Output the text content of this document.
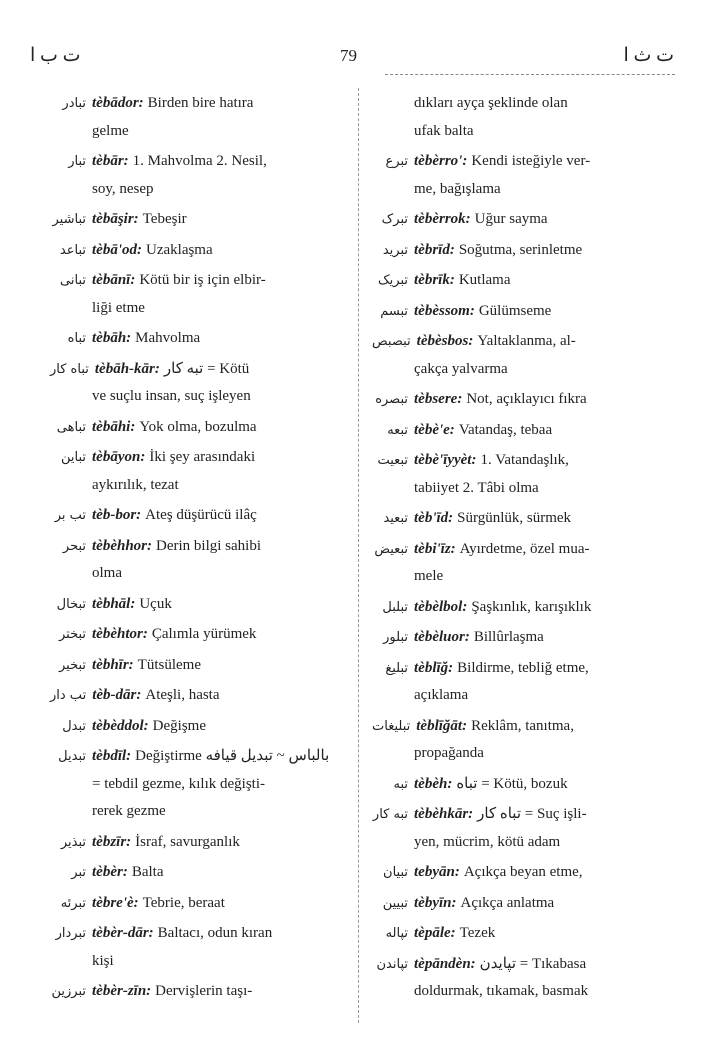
ت ب ا	79	ت ث ا
تبادر tèbādor: Birden bire hatıra
gelme
تبار tèbār: 1. Mahvolma 2. Nesil,
soy, nesep
تباشیر tèbāşir: Tebeşir
تباعد tèbā'od: Uzaklaşma
تبانی tèbānī: Kötü bir iş için elbir-
liği etme
تباه tèbāh: Mahvolma
تباه کار tèbāh-kār: تبه کار = Kötü
ve suçlu insan, suç işleyen
تباهی tèbāhi: Yok olma, bozulma
تباین tèbāyon: İki şey arasındaki
aykırılık, tezat
تب بر tèb-bor: Ateş düşürücü ilâç
تبحر tèbèhhor: Derin bilgi sahibi
olma
تبخال tèbhāl: Uçuk
تبختر tèbèhtor: Çalımla yürümek
تبخیر tèbhīr: Tütsüleme
تب دار tèb-dār: Ateşli, hasta
تبدل tèbèddol: Değişme
تبدیل tèbdīl: Değiştirme بالباس ~ تبدیل قیافه
= tebdil gezme, kılık değişti-
rerek gezme
تبذیر tèbzīr: İsraf, savurganlık
تبر tèbèr: Balta
تبرئه tèbre'è: Tebrie, beraat
تبردار tèbèr-dār: Baltacı, odun kıran
kişi
تبرزین tèbèr-zīn: Dervişlerin taşı-
dıkları ayça şeklinde olan
ufak balta
تبرع tèbèrro': Kendi isteğiyle ver-
me, bağışlama
تبرک tèbèrrok: Uğur sayma
تبرید tèbrīd: Soğutma, serinletme
تبریک tèbrīk: Kutlama
تبسم tèbèssom: Gülümseme
تبصبص tèbèsbos: Yaltaklanma, al-
çakça yalvarma
تبصره tèbsere: Not, açıklayıcı fıkra
تبعه tèbè'e: Vatandaş, tebaa
تبعیت tèbè'īyyèt: 1. Vatandaşlık,
tabiiyet 2. Tâbi olma
تبعید tèb'īd: Sürgünlük, sürmek
تبعیض tèbi'īz: Ayırdetme, özel mua-
mele
تبلبل tèbèlbol: Şaşkınlık, karışıklık
تبلور tèbèluor: Billûrlaşma
تبلیغ tèblīğ: Bildirme, tebliğ etme,
açıklama
تبلیغات tèblīğāt: Reklâm, tanıtma,
propağanda
تبه tèbèh: تباه = Kötü, bozuk
تبه کار tèbèhkār: تباه کار = Suç işli-
yen, mücrim, kötü adam
تبیان tebyān: Açıkça beyan etme,
تبیین tèbyīn: Açıkça anlatma
تپاله tèpāle: Tezek
تپاندن tèpāndèn: تپایدن = Tıkabasa
doldurmak, tıkamak, basmak
